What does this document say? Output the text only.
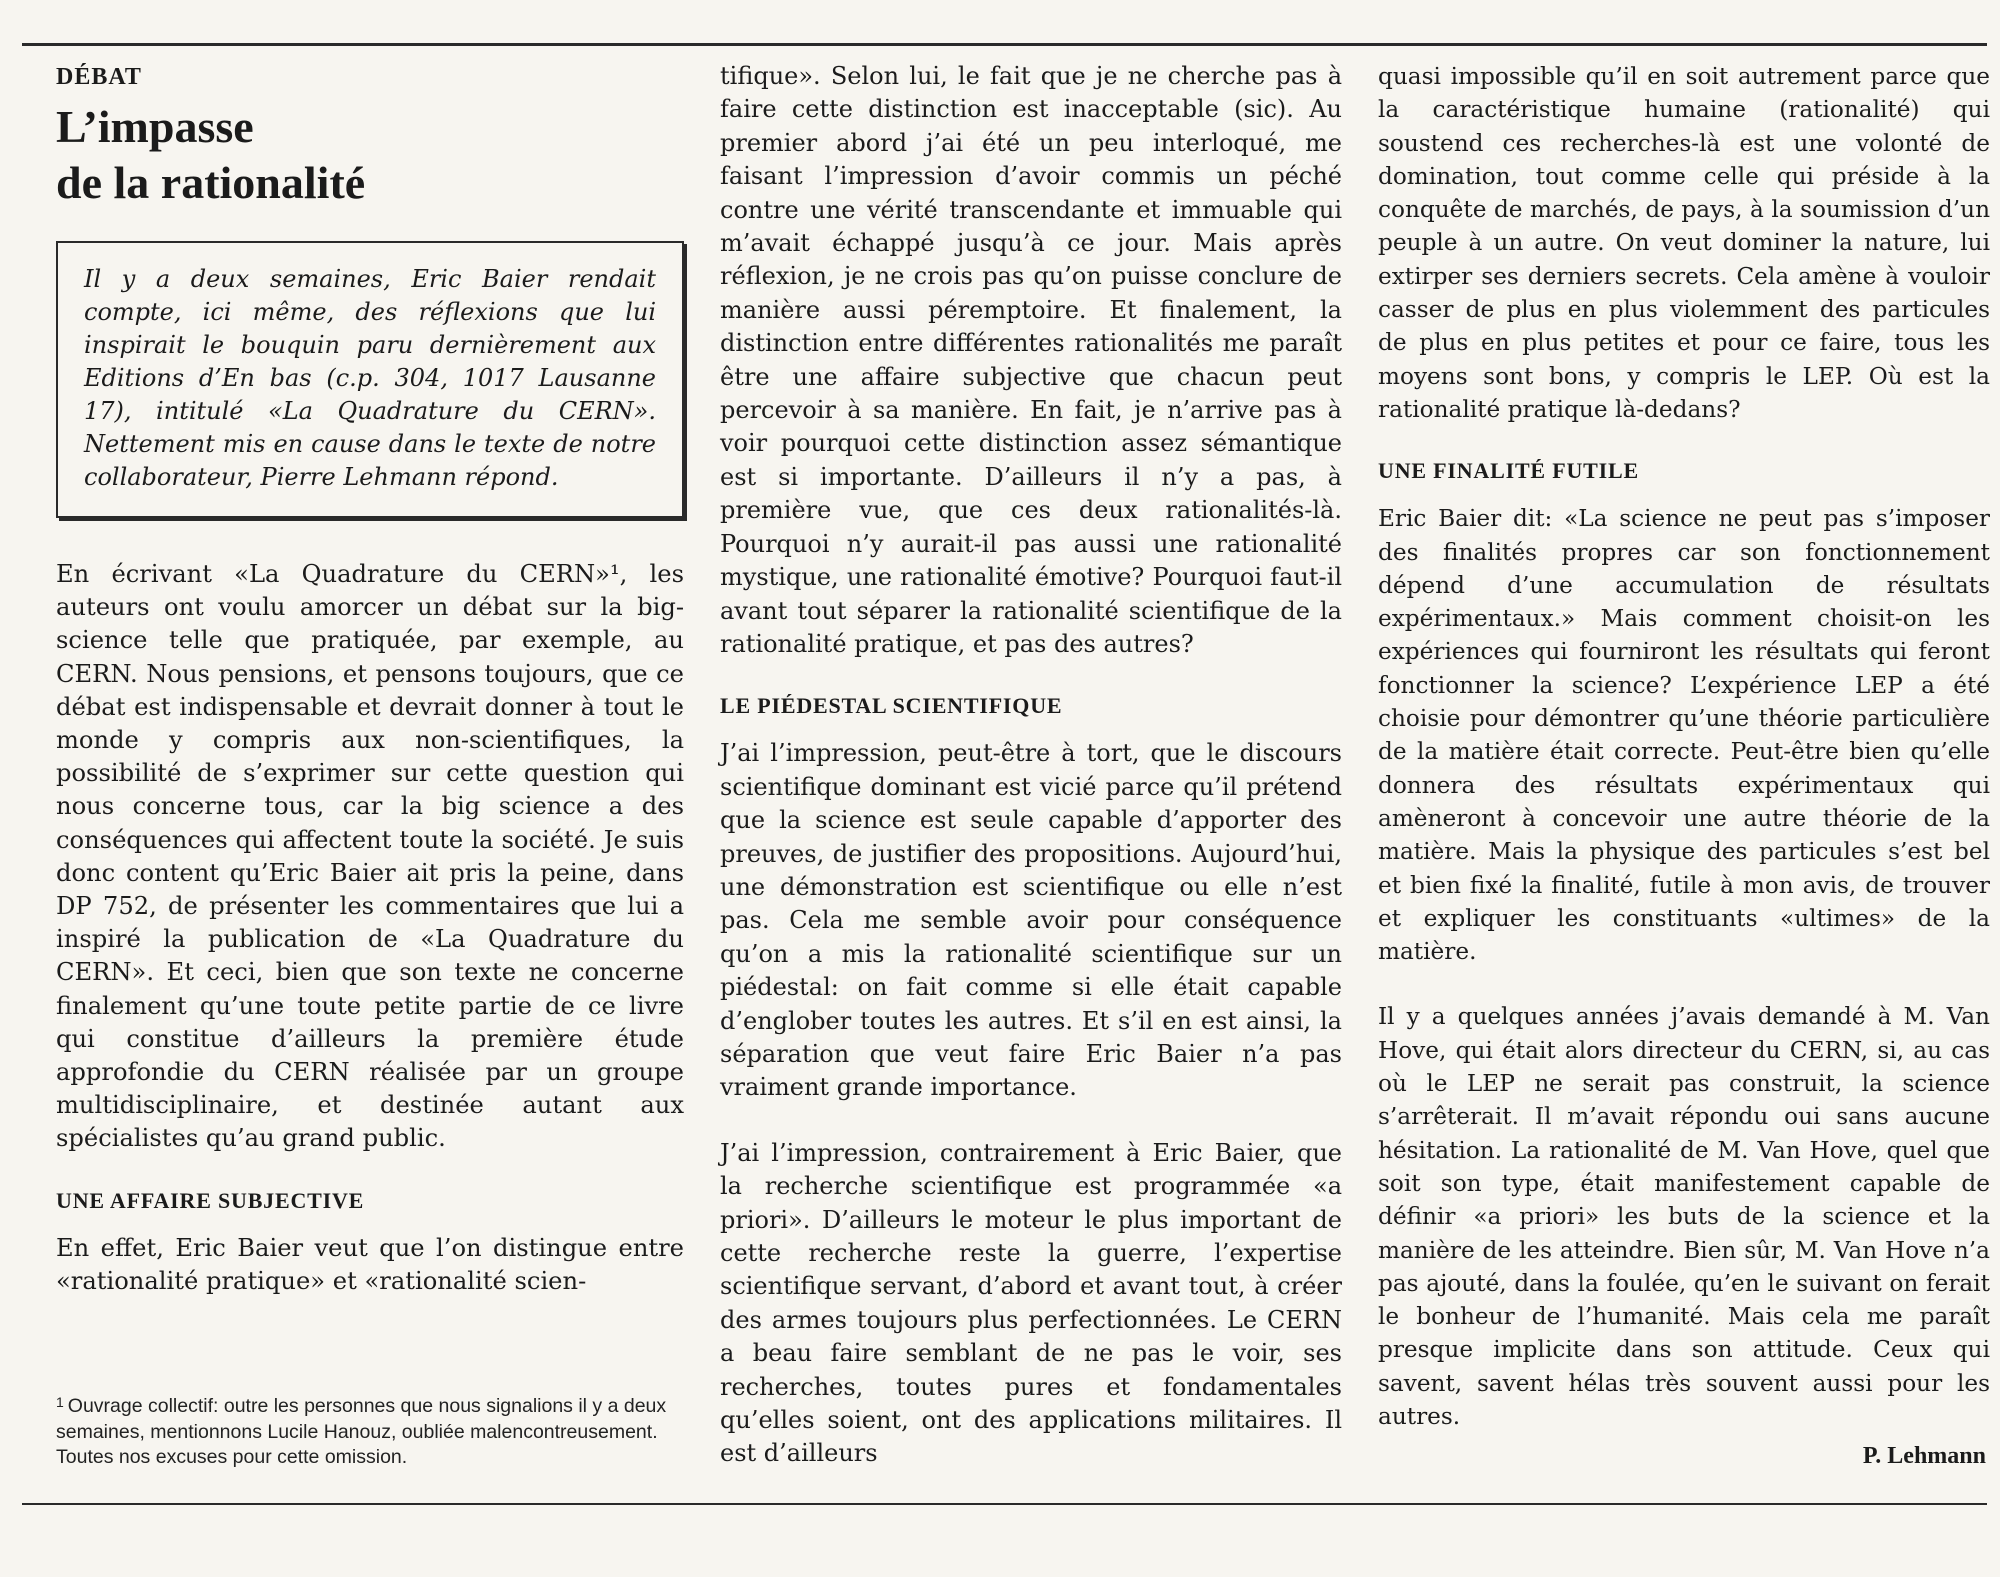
DÉBAT
L’impasse
de la rationalité
Il y a deux semaines, Eric Baier rendait compte, ici même, des réflexions que lui inspirait le bouquin paru dernièrement aux Editions d’En bas (c.p. 304, 1017 Lausanne 17), intitulé «La Quadrature du CERN». Nettement mis en cause dans le texte de notre collaborateur, Pierre Lehmann répond.

En écrivant «La Quadrature du CERN»¹, les auteurs ont voulu amorcer un débat sur la big-science telle que pratiquée, par exemple, au CERN. Nous pensions, et pensons toujours, que ce débat est indispensable et devrait donner à tout le monde y compris aux non-scientifiques, la possibilité de s’exprimer sur cette question qui nous concerne tous, car la big science a des conséquences qui affectent toute la société. Je suis donc content qu’Eric Baier ait pris la peine, dans DP 752, de présenter les commentaires que lui a inspiré la publication de «La Quadrature du CERN». Et ceci, bien que son texte ne concerne finalement qu’une toute petite partie de ce livre qui constitue d’ailleurs la première étude approfondie du CERN réalisée par un groupe multidisciplinaire, et destinée autant aux spécialistes qu’au grand public.

UNE AFFAIRE SUBJECTIVE

En effet, Eric Baier veut que l’on distingue entre «rationalité pratique» et «rationalité scien-

$^1$ Ouvrage collectif: outre les personnes que nous signalions il y a deux semaines, mentionnons Lucile Hanouz, oubliée malencontreusement. Toutes nos excuses pour cette omission.

tifique». Selon lui, le fait que je ne cherche pas à faire cette distinction est inacceptable (sic). Au premier abord j’ai été un peu interloqué, me faisant l’impression d’avoir commis un péché contre une vérité transcendante et immuable qui m’avait échappé jusqu’à ce jour. Mais après réflexion, je ne crois pas qu’on puisse conclure de manière aussi péremptoire. Et finalement, la distinction entre différentes rationalités me paraît être une affaire subjective que chacun peut percevoir à sa manière. En fait, je n’arrive pas à voir pourquoi cette distinction assez sémantique est si importante. D’ailleurs il n’y a pas, à première vue, que ces deux rationalités-là. Pourquoi n’y aurait-il pas aussi une rationalité mystique, une rationalité émotive? Pourquoi faut-il avant tout séparer la rationalité scientifique de la rationalité pratique, et pas des autres?

LE PIÉDESTAL SCIENTIFIQUE

J’ai l’impression, peut-être à tort, que le discours scientifique dominant est vicié parce qu’il prétend que la science est seule capable d’apporter des preuves, de justifier des propositions. Aujourd’hui, une démonstration est scientifique ou elle n’est pas. Cela me semble avoir pour conséquence qu’on a mis la rationalité scientifique sur un piédestal: on fait comme si elle était capable d’englober toutes les autres. Et s’il en est ainsi, la séparation que veut faire Eric Baier n’a pas vraiment grande importance.

J’ai l’impression, contrairement à Eric Baier, que la recherche scientifique est programmée «a priori». D’ailleurs le moteur le plus important de cette recherche reste la guerre, l’expertise scientifique servant, d’abord et avant tout, à créer des armes toujours plus perfectionnées. Le CERN a beau faire semblant de ne pas le voir, ses recherches, toutes pures et fondamentales qu’elles soient, ont des applications militaires. Il est d’ailleurs

quasi impossible qu’il en soit autrement parce que la caractéristique humaine (rationalité) qui soustend ces recherches-là est une volonté de domination, tout comme celle qui préside à la conquête de marchés, de pays, à la soumission d’un peuple à un autre. On veut dominer la nature, lui extirper ses derniers secrets. Cela amène à vouloir casser de plus en plus violemment des particules de plus en plus petites et pour ce faire, tous les moyens sont bons, y compris le LEP. Où est la rationalité pratique là-dedans?

UNE FINALITÉ FUTILE

Eric Baier dit: «La science ne peut pas s’imposer des finalités propres car son fonctionnement dépend d’une accumulation de résultats expérimentaux.» Mais comment choisit-on les expériences qui fourniront les résultats qui feront fonctionner la science? L’expérience LEP a été choisie pour démontrer qu’une théorie particulière de la matière était correcte. Peut-être bien qu’elle donnera des résultats expérimentaux qui amèneront à concevoir une autre théorie de la matière. Mais la physique des particules s’est bel et bien fixé la finalité, futile à mon avis, de trouver et expliquer les constituants «ultimes» de la matière.

Il y a quelques années j’avais demandé à M. Van Hove, qui était alors directeur du CERN, si, au cas où le LEP ne serait pas construit, la science s’arrêterait. Il m’avait répondu oui sans aucune hésitation. La rationalité de M. Van Hove, quel que soit son type, était manifestement capable de définir «a priori» les buts de la science et la manière de les atteindre. Bien sûr, M. Van Hove n’a pas ajouté, dans la foulée, qu’en le suivant on ferait le bonheur de l’humanité. Mais cela me paraît presque implicite dans son attitude. Ceux qui savent, savent hélas très souvent aussi pour les autres.

P. Lehmann
